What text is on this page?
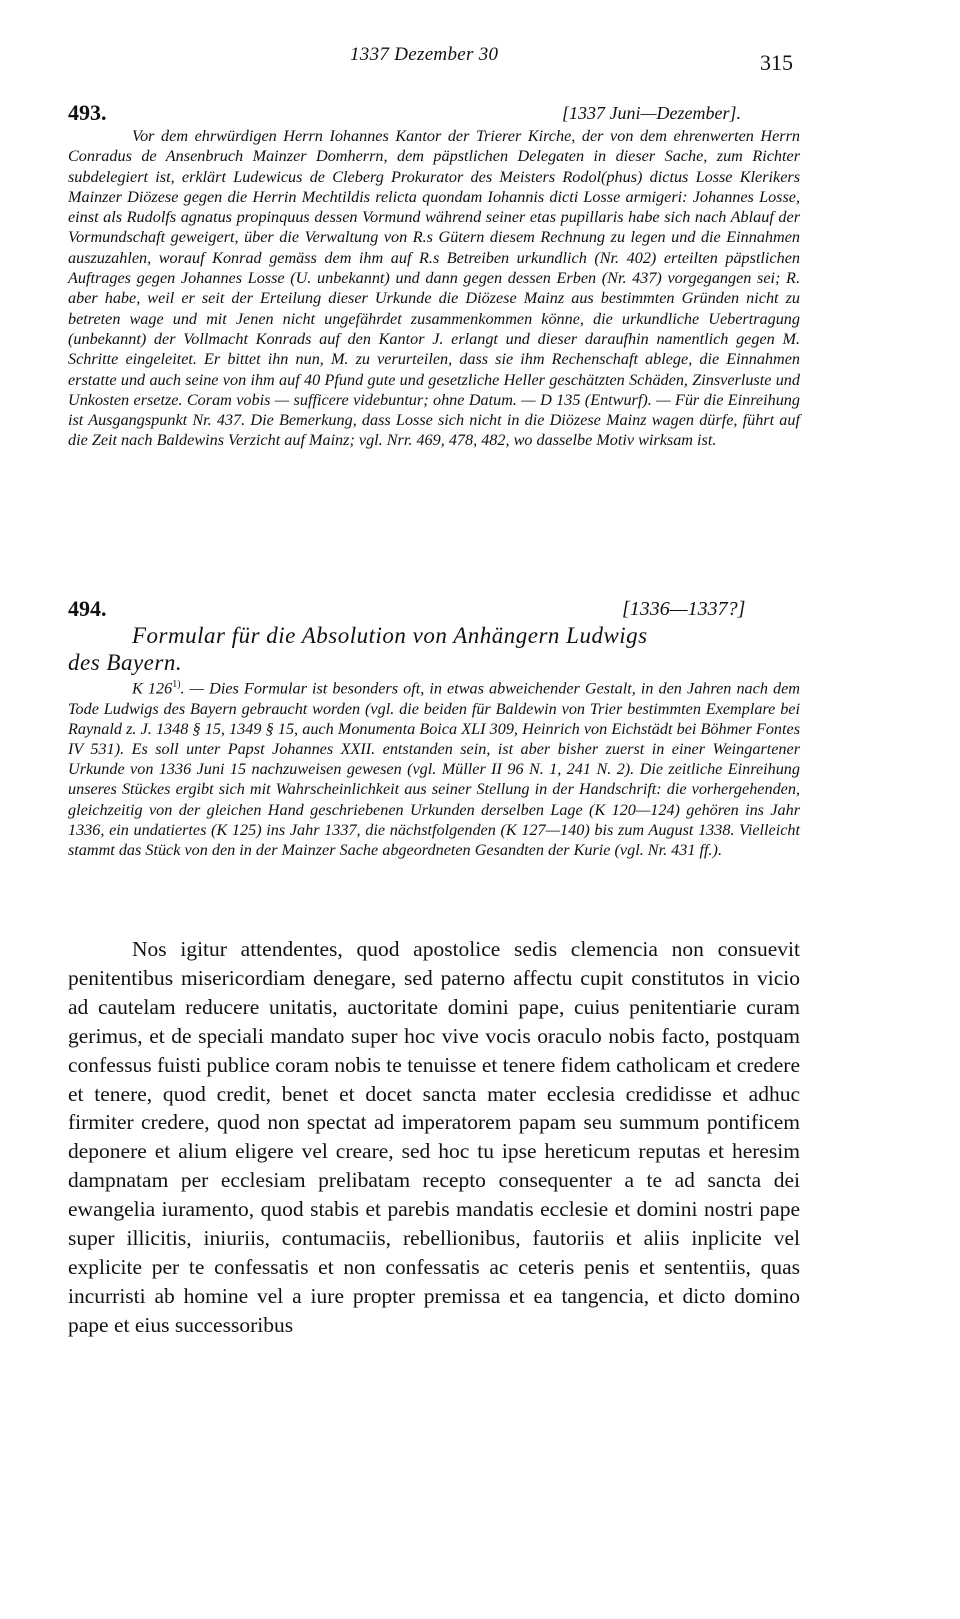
1337 Dezember 30	315
493.	[1337 Juni—Dezember].

Vor dem ehrwürdigen Herrn Iohannes Kantor der Trierer Kirche, der von dem ehrenwerten Herrn Conradus de Ansenbruch Mainzer Domherrn, dem päpstlichen Delegaten in dieser Sache, zum Richter subdelegiert ist, erklärt Ludewicus de Cleberg Prokurator des Meisters Rodol(phus) dictus Losse Klerikers Mainzer Diözese gegen die Herrin Mechtildis relicta quondam Iohannis dicti Losse armigeri: Johannes Losse, einst als Rudolfs agnatus propinquus dessen Vormund während seiner etas pupillaris habe sich nach Ablauf der Vormundschaft geweigert, über die Verwaltung von R.s Gütern diesem Rechnung zu legen und die Einnahmen auszuzahlen, worauf Konrad gemäss dem ihm auf R.s Betreiben urkundlich (Nr. 402) erteilten päpstlichen Auftrages gegen Johannes Losse (U. unbekannt) und dann gegen dessen Erben (Nr. 437) vorgegangen sei; R. aber habe, weil er seit der Erteilung dieser Urkunde die Diözese Mainz aus bestimmten Gründen nicht zu betreten wage und mit Jenen nicht ungefährdet zusammenkommen könne, die urkundliche Uebertragung (unbekannt) der Vollmacht Konrads auf den Kantor J. erlangt und dieser daraufhin namentlich gegen M. Schritte eingeleitet. Er bittet ihn nun, M. zu verurteilen, dass sie ihm Rechenschaft ablege, die Einnahmen erstatte und auch seine von ihm auf 40 Pfund gute und gesetzliche Heller geschätzten Schäden, Zinsverluste und Unkosten ersetze. Coram vobis — sufficere videbuntur; ohne Datum. — D 135 (Entwurf). — Für die Einreihung ist Ausgangspunkt Nr. 437. Die Bemerkung, dass Losse sich nicht in die Diözese Mainz wagen dürfe, führt auf die Zeit nach Baldewins Verzicht auf Mainz; vgl. Nrr. 469, 478, 482, wo dasselbe Motiv wirksam ist.

494.	[1336—1337?]
Formular für die Absolution von Anhängern Ludwigs
des Bayern.

K 126$^{1)}$. — Dies Formular ist besonders oft, in etwas abweichender Gestalt, in den Jahren nach dem Tode Ludwigs des Bayern gebraucht worden (vgl. die beiden für Baldewin von Trier bestimmten Exemplare bei Raynald z. J. 1348 § 15, 1349 § 15, auch Monumenta Boica XLI 309, Heinrich von Eichstädt bei Böhmer Fontes IV 531). Es soll unter Papst Johannes XXII. entstanden sein, ist aber bisher zuerst in einer Weingartener Urkunde von 1336 Juni 15 nachzuweisen gewesen (vgl. Müller II 96 N. 1, 241 N. 2). Die zeitliche Einreihung unseres Stückes ergibt sich mit Wahrscheinlichkeit aus seiner Stellung in der Handschrift: die vorhergehenden, gleichzeitig von der gleichen Hand geschriebenen Urkunden derselben Lage (K 120—124) gehören ins Jahr 1336, ein undatiertes (K 125) ins Jahr 1337, die nächstfolgenden (K 127—140) bis zum August 1338. Vielleicht stammt das Stück von den in der Mainzer Sache abgeordneten Gesandten der Kurie (vgl. Nr. 431 ff.).

Nos igitur attendentes, quod apostolice sedis clemencia non consuevit penitentibus misericordiam denegare, sed paterno affectu cupit constitutos in vicio ad cautelam reducere unitatis, auctoritate domini pape, cuius penitentiarie curam gerimus, et de speciali mandato super hoc vive vocis oraculo nobis facto, postquam confessus fuisti publice coram nobis te tenuisse et tenere fidem catholicam et credere et tenere, quod credit, benet et docet sancta mater ecclesia credidisse et adhuc firmiter credere, quod non spectat ad imperatorem papam seu summum pontificem deponere et alium eligere vel creare, sed hoc tu ipse hereticum reputas et heresim dampnatam per ecclesiam prelibatam recepto consequenter a te ad sancta dei ewangelia iuramento, quod stabis et parebis mandatis ecclesie et domini nostri pape super illicitis, iniuriis, contumaciis, rebellionibus, fautoriis et aliis inplicite vel explicite per te confessatis et non confessatis ac ceteris penis et sententiis, quas incurristi ab homine vel a iure propter premissa et ea tangencia, et dicto domino pape et eius successoribus
